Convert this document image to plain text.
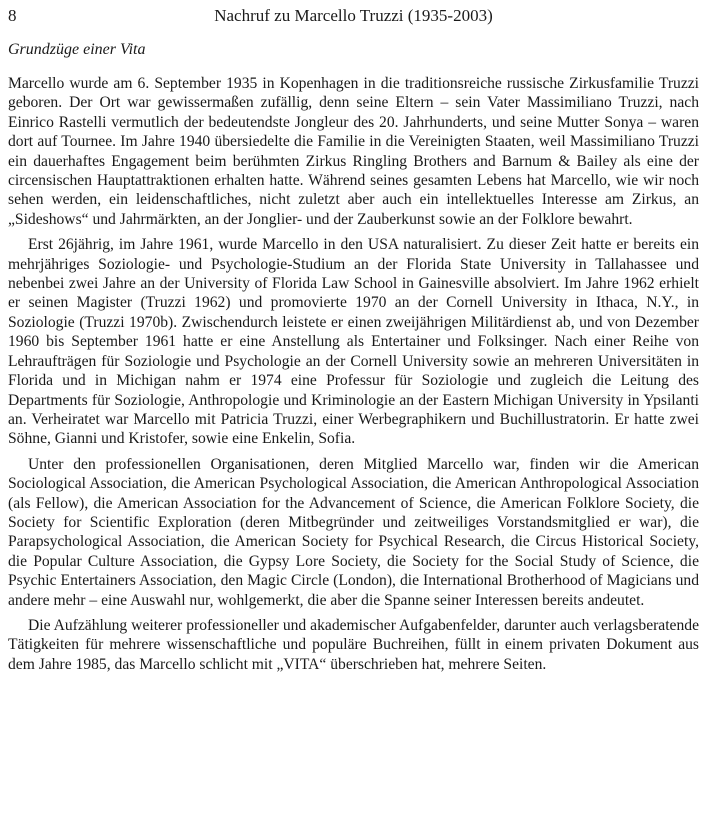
8	Nachruf zu Marcello Truzzi (1935-2003)
Grundzüge einer Vita

Marcello wurde am 6. September 1935 in Kopenhagen in die traditionsreiche russische Zirkusfamilie Truzzi geboren. Der Ort war gewissermaßen zufällig, denn seine Eltern – sein Vater Massimiliano Truzzi, nach Einrico Rastelli vermutlich der bedeutendste Jongleur des 20. Jahrhunderts, und seine Mutter Sonya – waren dort auf Tournee. Im Jahre 1940 übersiedelte die Familie in die Vereinigten Staaten, weil Massimiliano Truzzi ein dauerhaftes Engagement beim berühmten Zirkus Ringling Brothers and Barnum & Bailey als eine der circensischen Hauptattraktionen erhalten hatte. Während seines gesamten Lebens hat Marcello, wie wir noch sehen werden, ein leidenschaftliches, nicht zuletzt aber auch ein intellektuelles Interesse am Zirkus, an „Sideshows“ und Jahrmärkten, an der Jonglier- und der Zauberkunst sowie an der Folklore bewahrt.

Erst 26jährig, im Jahre 1961, wurde Marcello in den USA naturalisiert. Zu dieser Zeit hatte er bereits ein mehrjähriges Soziologie- und Psychologie-Studium an der Florida State University in Tallahassee und nebenbei zwei Jahre an der University of Florida Law School in Gainesville absolviert. Im Jahre 1962 erhielt er seinen Magister (Truzzi 1962) und promovierte 1970 an der Cornell University in Ithaca, N.Y., in Soziologie (Truzzi 1970b). Zwischendurch leistete er einen zweijährigen Militärdienst ab, und von Dezember 1960 bis September 1961 hatte er eine Anstellung als Entertainer und Folksinger. Nach einer Reihe von Lehraufträgen für Soziologie und Psychologie an der Cornell University sowie an mehreren Universitäten in Florida und in Michigan nahm er 1974 eine Professur für Soziologie und zugleich die Leitung des Departments für Soziologie, Anthropologie und Kriminologie an der Eastern Michigan University in Ypsilanti an. Verheiratet war Marcello mit Patricia Truzzi, einer Werbegraphikern und Buchillustratorin. Er hatte zwei Söhne, Gianni und Kristofer, sowie eine Enkelin, Sofia.

Unter den professionellen Organisationen, deren Mitglied Marcello war, finden wir die American Sociological Association, die American Psychological Association, die American Anthropological Association (als Fellow), die American Association for the Advancement of Science, die American Folklore Society, die Society for Scientific Exploration (deren Mitbegründer und zeitweiliges Vorstandsmitglied er war), die Parapsychological Association, die American Society for Psychical Research, die Circus Historical Society, die Popular Culture Association, die Gypsy Lore Society, die Society for the Social Study of Science, die Psychic Entertainers Association, den Magic Circle (London), die International Brotherhood of Magicians und andere mehr – eine Auswahl nur, wohlgemerkt, die aber die Spanne seiner Interessen bereits andeutet.

Die Aufzählung weiterer professioneller und akademischer Aufgabenfelder, darunter auch verlagsberatende Tätigkeiten für mehrere wissenschaftliche und populäre Buchreihen, füllt in einem privaten Dokument aus dem Jahre 1985, das Marcello schlicht mit „VITA“ überschrieben hat, mehrere Seiten.
